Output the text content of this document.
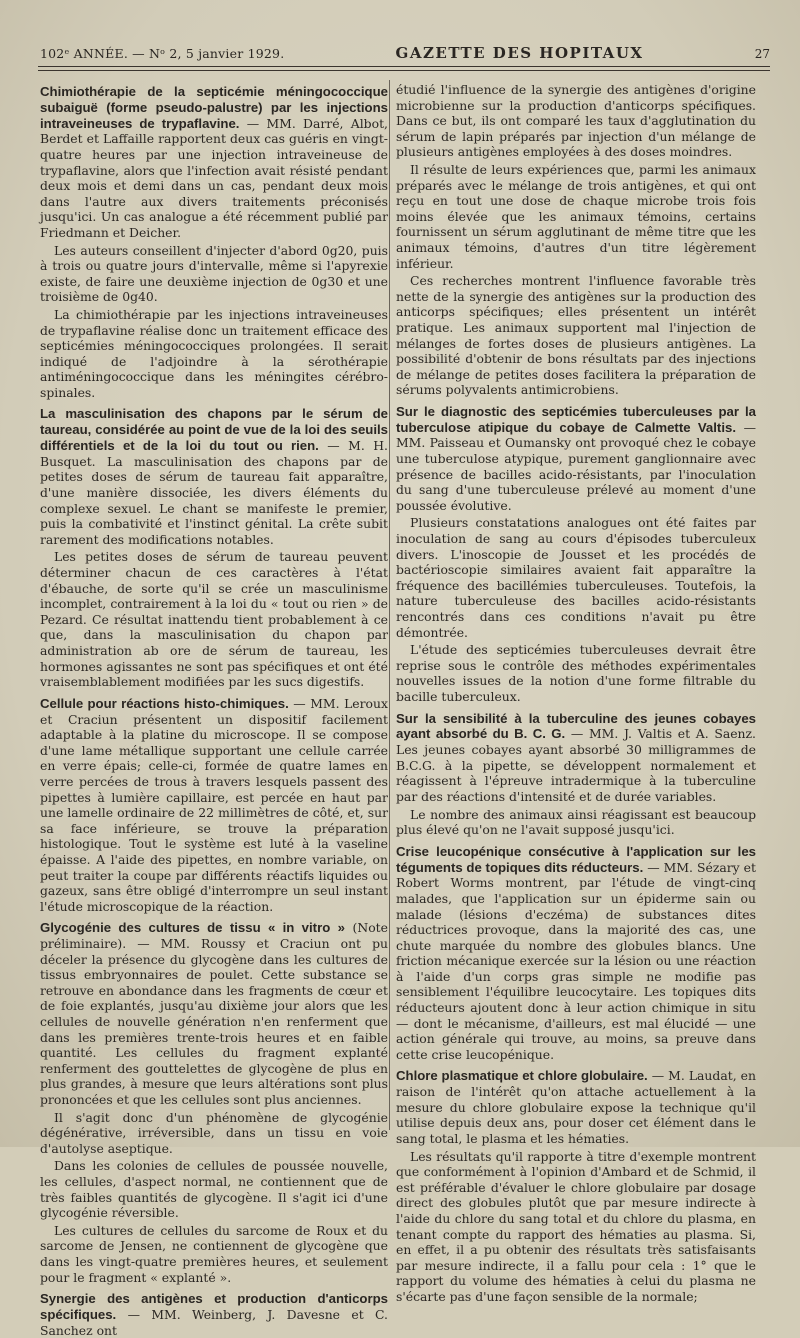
102ᵉ ANNÉE. — Nᵒ 2, 5 janvier 1929.	GAZETTE DES HOPITAUX	27

Chimiothérapie de la septicémie méningococcique subaiguë (forme pseudo-palustre) par les injections intraveineuses de trypaflavine. — MM. Darré, Albot, Berdet et Laffaille rapportent deux cas guéris en vingt-quatre heures par une injection intraveineuse de trypaflavine, alors que l'infection avait résisté pendant deux mois et demi dans un cas, pendant deux mois dans l'autre aux divers traitements préconisés jusqu'ici. Un cas analogue a été récemment publié par Friedmann et Deicher.

Les auteurs conseillent d'injecter d'abord 0g20, puis à trois ou quatre jours d'intervalle, même si l'apyrexie existe, de faire une deuxième injection de 0g30 et une troisième de 0g40.

La chimiothérapie par les injections intraveineuses de trypaflavine réalise donc un traitement efficace des septicémies méningococciques prolongées. Il serait indiqué de l'adjoindre à la sérothérapie antiméningococcique dans les méningites cérébro-spinales.

La masculinisation des chapons par le sérum de taureau, considérée au point de vue de la loi des seuils différentiels et de la loi du tout ou rien. — M. H. Busquet. La masculinisation des chapons par de petites doses de sérum de taureau fait apparaître, d'une manière dissociée, les divers éléments du complexe sexuel. Le chant se manifeste le premier, puis la combativité et l'instinct génital. La crête subit rarement des modifications notables.

Les petites doses de sérum de taureau peuvent déterminer chacun de ces caractères à l'état d'ébauche, de sorte qu'il se crée un masculinisme incomplet, contrairement à la loi du « tout ou rien » de Pezard. Ce résultat inattendu tient probablement à ce que, dans la masculinisation du chapon par administration ab ore de sérum de taureau, les hormones agissantes ne sont pas spécifiques et ont été vraisemblablement modifiées par les sucs digestifs.

Cellule pour réactions histo-chimiques. — MM. Leroux et Craciun présentent un dispositif facilement adaptable à la platine du microscope. Il se compose d'une lame métallique supportant une cellule carrée en verre épais; celle-ci, formée de quatre lames en verre percées de trous à travers lesquels passent des pipettes à lumière capillaire, est percée en haut par une lamelle ordinaire de 22 millimètres de côté, et, sur sa face inférieure, se trouve la préparation histologique. Tout le système est luté à la vaseline épaisse. A l'aide des pipettes, en nombre variable, on peut traiter la coupe par différents réactifs liquides ou gazeux, sans être obligé d'interrompre un seul instant l'étude microscopique de la réaction.

Glycogénie des cultures de tissu « in vitro » (Note préliminaire). — MM. Roussy et Craciun ont pu déceler la présence du glycogène dans les cultures de tissus embryonnaires de poulet. Cette substance se retrouve en abondance dans les fragments de cœur et de foie explantés, jusqu'au dixième jour alors que les cellules de nouvelle génération n'en renferment que dans les premières trente-trois heures et en faible quantité. Les cellules du fragment explanté renferment des gouttelettes de glycogène de plus en plus grandes, à mesure que leurs altérations sont plus prononcées et que les cellules sont plus anciennes.

Il s'agit donc d'un phénomène de glycogénie dégénérative, irréversible, dans un tissu en voie d'autolyse aseptique.

Dans les colonies de cellules de poussée nouvelle, les cellules, d'aspect normal, ne contiennent que de très faibles quantités de glycogène. Il s'agit ici d'une glycogénie réversible.

Les cultures de cellules du sarcome de Roux et du sarcome de Jensen, ne contiennent de glycogène que dans les vingt-quatre premières heures, et seulement pour le fragment « explanté ».

Synergie des antigènes et production d'anticorps spécifiques. — MM. Weinberg, J. Davesne et C. Sanchez ont

étudié l'influence de la synergie des antigènes d'origine microbienne sur la production d'anticorps spécifiques. Dans ce but, ils ont comparé les taux d'agglutination du sérum de lapin préparés par injection d'un mélange de plusieurs antigènes employées à des doses moindres.

Il résulte de leurs expériences que, parmi les animaux préparés avec le mélange de trois antigènes, et qui ont reçu en tout une dose de chaque microbe trois fois moins élevée que les animaux témoins, certains fournissent un sérum agglutinant de même titre que les animaux témoins, d'autres d'un titre légèrement inférieur.

Ces recherches montrent l'influence favorable très nette de la synergie des antigènes sur la production des anticorps spécifiques; elles présentent un intérêt pratique. Les animaux supportent mal l'injection de mélanges de fortes doses de plusieurs antigènes. La possibilité d'obtenir de bons résultats par des injections de mélange de petites doses facilitera la préparation de sérums polyvalents antimicrobiens.

Sur le diagnostic des septicémies tuberculeuses par la tuberculose atipique du cobaye de Calmette Valtis. — MM. Paisseau et Oumansky ont provoqué chez le cobaye une tuberculose atypique, purement ganglionnaire avec présence de bacilles acido-résistants, par l'inoculation du sang d'une tuberculeuse prélevé au moment d'une poussée évolutive.

Plusieurs constatations analogues ont été faites par inoculation de sang au cours d'épisodes tuberculeux divers. L'inoscopie de Jousset et les procédés de bactérioscopie similaires avaient fait apparaître la fréquence des bacillémies tuberculeuses. Toutefois, la nature tuberculeuse des bacilles acido-résistants rencontrés dans ces conditions n'avait pu être démontrée.

L'étude des septicémies tuberculeuses devrait être reprise sous le contrôle des méthodes expérimentales nouvelles issues de la notion d'une forme filtrable du bacille tuberculeux.

Sur la sensibilité à la tuberculine des jeunes cobayes ayant absorbé du B. C. G. — MM. J. Valtis et A. Saenz. Les jeunes cobayes ayant absorbé 30 milligrammes de B.C.G. à la pipette, se développent normalement et réagissent à l'épreuve intradermique à la tuberculine par des réactions d'intensité et de durée variables.

Le nombre des animaux ainsi réagissant est beaucoup plus élevé qu'on ne l'avait supposé jusqu'ici.

Crise leucopénique consécutive à l'application sur les téguments de topiques dits réducteurs. — MM. Sézary et Robert Worms montrent, par l'étude de vingt-cinq malades, que l'application sur un épiderme sain ou malade (lésions d'eczéma) de substances dites réductrices provoque, dans la majorité des cas, une chute marquée du nombre des globules blancs. Une friction mécanique exercée sur la lésion ou une réaction à l'aide d'un corps gras simple ne modifie pas sensiblement l'équilibre leucocytaire. Les topiques dits réducteurs ajoutent donc à leur action chimique in situ — dont le mécanisme, d'ailleurs, est mal élucidé — une action générale qui trouve, au moins, sa preuve dans cette crise leucopénique.

Chlore plasmatique et chlore globulaire. — M. Laudat, en raison de l'intérêt qu'on attache actuellement à la mesure du chlore globulaire expose la technique qu'il utilise depuis deux ans, pour doser cet élément dans le sang total, le plasma et les hématies.

Les résultats qu'il rapporte à titre d'exemple montrent que conformément à l'opinion d'Ambard et de Schmid, il est préférable d'évaluer le chlore globulaire par dosage direct des globules plutôt que par mesure indirecte à l'aide du chlore du sang total et du chlore du plasma, en tenant compte du rapport des hématies au plasma. Si, en effet, il a pu obtenir des résultats très satisfaisants par mesure indirecte, il a fallu pour cela : 1° que le rapport du volume des hématies à celui du plasma ne s'écarte pas d'une façon sensible de la normale;
